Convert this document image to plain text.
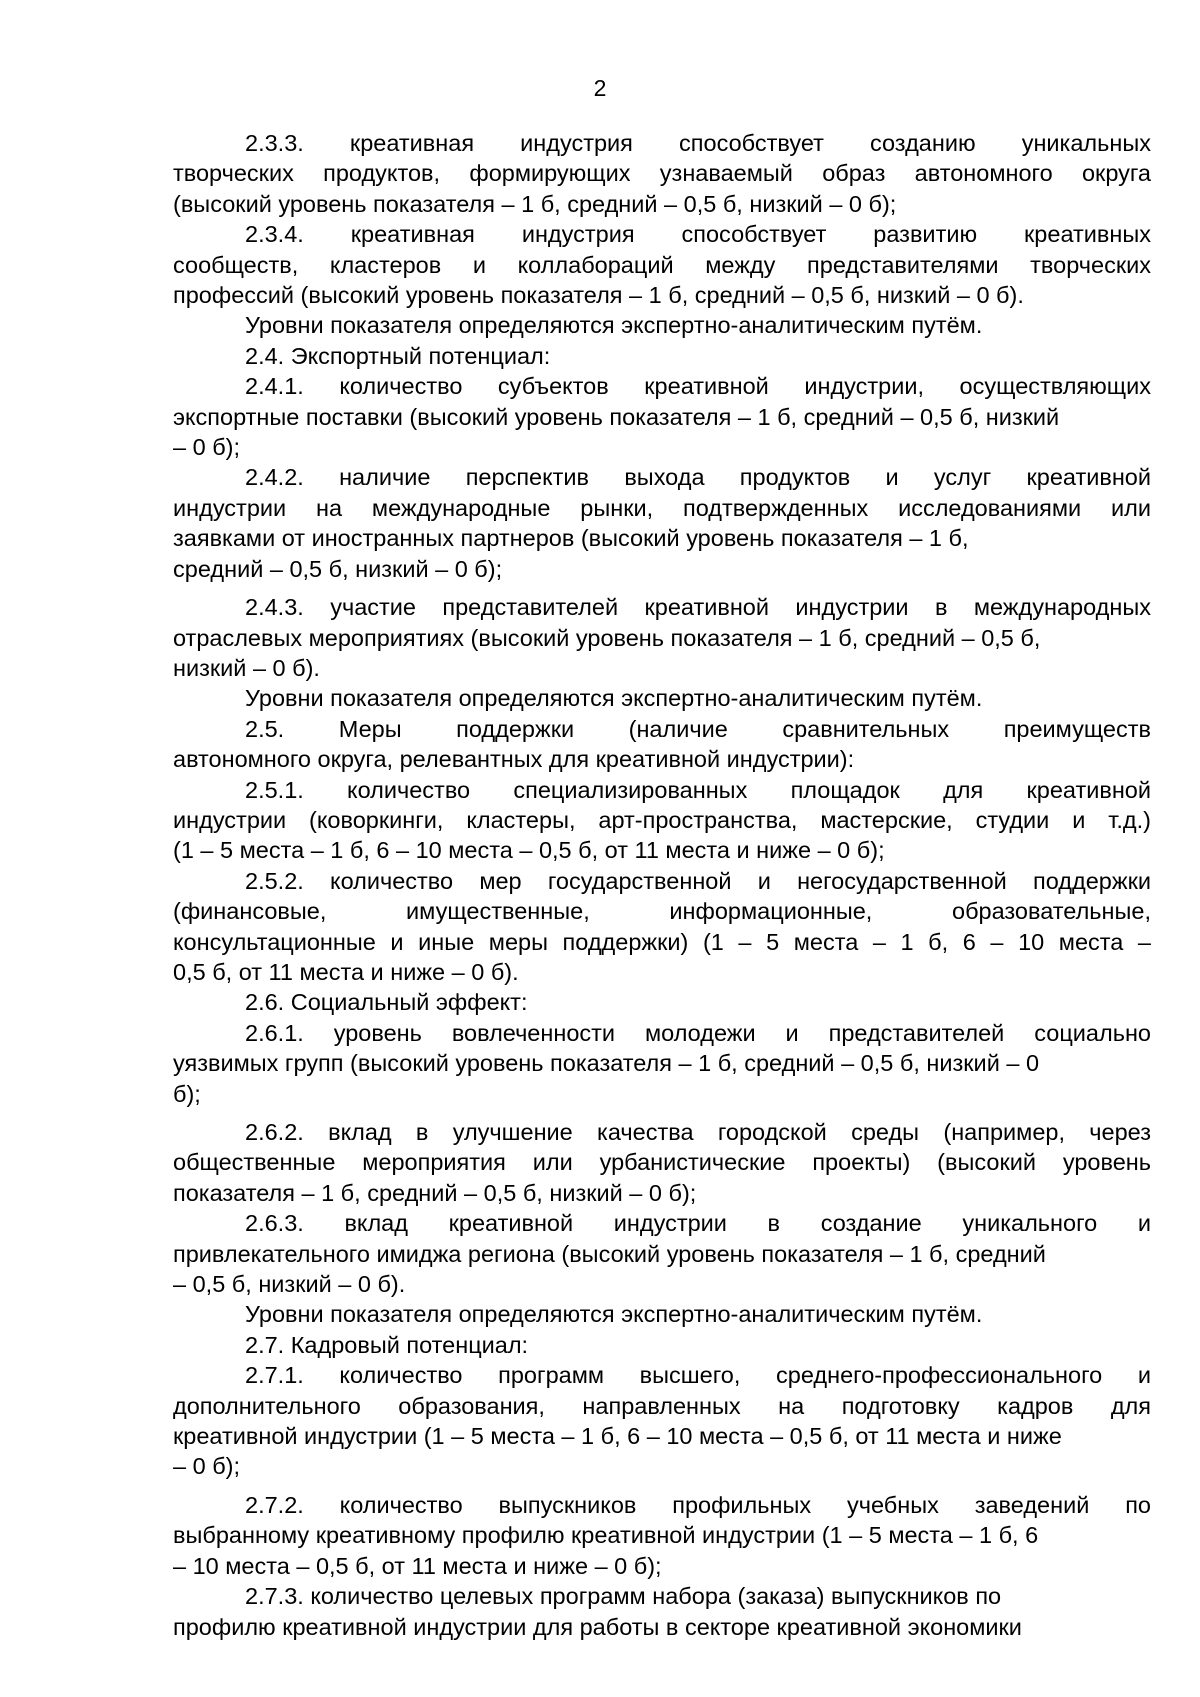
2
2.3.3. креативная индустрия способствует созданию уникальных
творческих продуктов, формирующих узнаваемый образ автономного округа
(высокий уровень показателя – 1 б, средний – 0,5 б, низкий – 0 б);
2.3.4. креативная индустрия способствует развитию креативных
сообществ, кластеров и коллабораций между представителями творческих
профессий (высокий уровень показателя – 1 б, средний – 0,5 б, низкий – 0 б).
Уровни показателя определяются экспертно-аналитическим путём.
2.4. Экспортный потенциал:
2.4.1. количество субъектов креативной индустрии, осуществляющих
экспортные поставки (высокий уровень показателя – 1 б, средний – 0,5 б, низкий
– 0 б);
2.4.2. наличие перспектив выхода продуктов и услуг креативной
индустрии на международные рынки, подтвержденных исследованиями или
заявками от иностранных партнеров (высокий уровень показателя – 1 б,
средний – 0,5 б, низкий – 0 б);
2.4.3. участие представителей креативной индустрии в международных
отраслевых мероприятиях (высокий уровень показателя – 1 б, средний – 0,5 б,
низкий – 0 б).
Уровни показателя определяются экспертно-аналитическим путём.
2.5. Меры поддержки (наличие сравнительных преимуществ
автономного округа, релевантных для креативной индустрии):
2.5.1. количество специализированных площадок для креативной
индустрии (коворкинги, кластеры, арт-пространства, мастерские, студии и т.д.)
(1 – 5 места – 1 б, 6 – 10 места – 0,5 б, от 11 места и ниже – 0 б);
2.5.2. количество мер государственной и негосударственной поддержки
(финансовые, имущественные, информационные, образовательные,
консультационные и иные меры поддержки) (1 – 5 места – 1 б, 6 – 10 места –
0,5 б, от 11 места и ниже – 0 б).
2.6. Социальный эффект:
2.6.1. уровень вовлеченности молодежи и представителей социально
уязвимых групп (высокий уровень показателя – 1 б, средний – 0,5 б, низкий – 0
б);
2.6.2. вклад в улучшение качества городской среды (например, через
общественные мероприятия или урбанистические проекты) (высокий уровень
показателя – 1 б, средний – 0,5 б, низкий – 0 б);
2.6.3. вклад креативной индустрии в создание уникального и
привлекательного имиджа региона (высокий уровень показателя – 1 б, средний
– 0,5 б, низкий – 0 б).
Уровни показателя определяются экспертно-аналитическим путём.
2.7. Кадровый потенциал:
2.7.1. количество программ высшего, среднего-профессионального и
дополнительного образования, направленных на подготовку кадров для
креативной индустрии (1 – 5 места – 1 б, 6 – 10 места – 0,5 б, от 11 места и ниже
– 0 б);
2.7.2. количество выпускников профильных учебных заведений по
выбранному креативному профилю креативной индустрии (1 – 5 места – 1 б, 6
– 10 места – 0,5 б, от 11 места и ниже – 0 б);
2.7.3. количество целевых программ набора (заказа) выпускников по
профилю креативной индустрии для работы в секторе креативной экономики
